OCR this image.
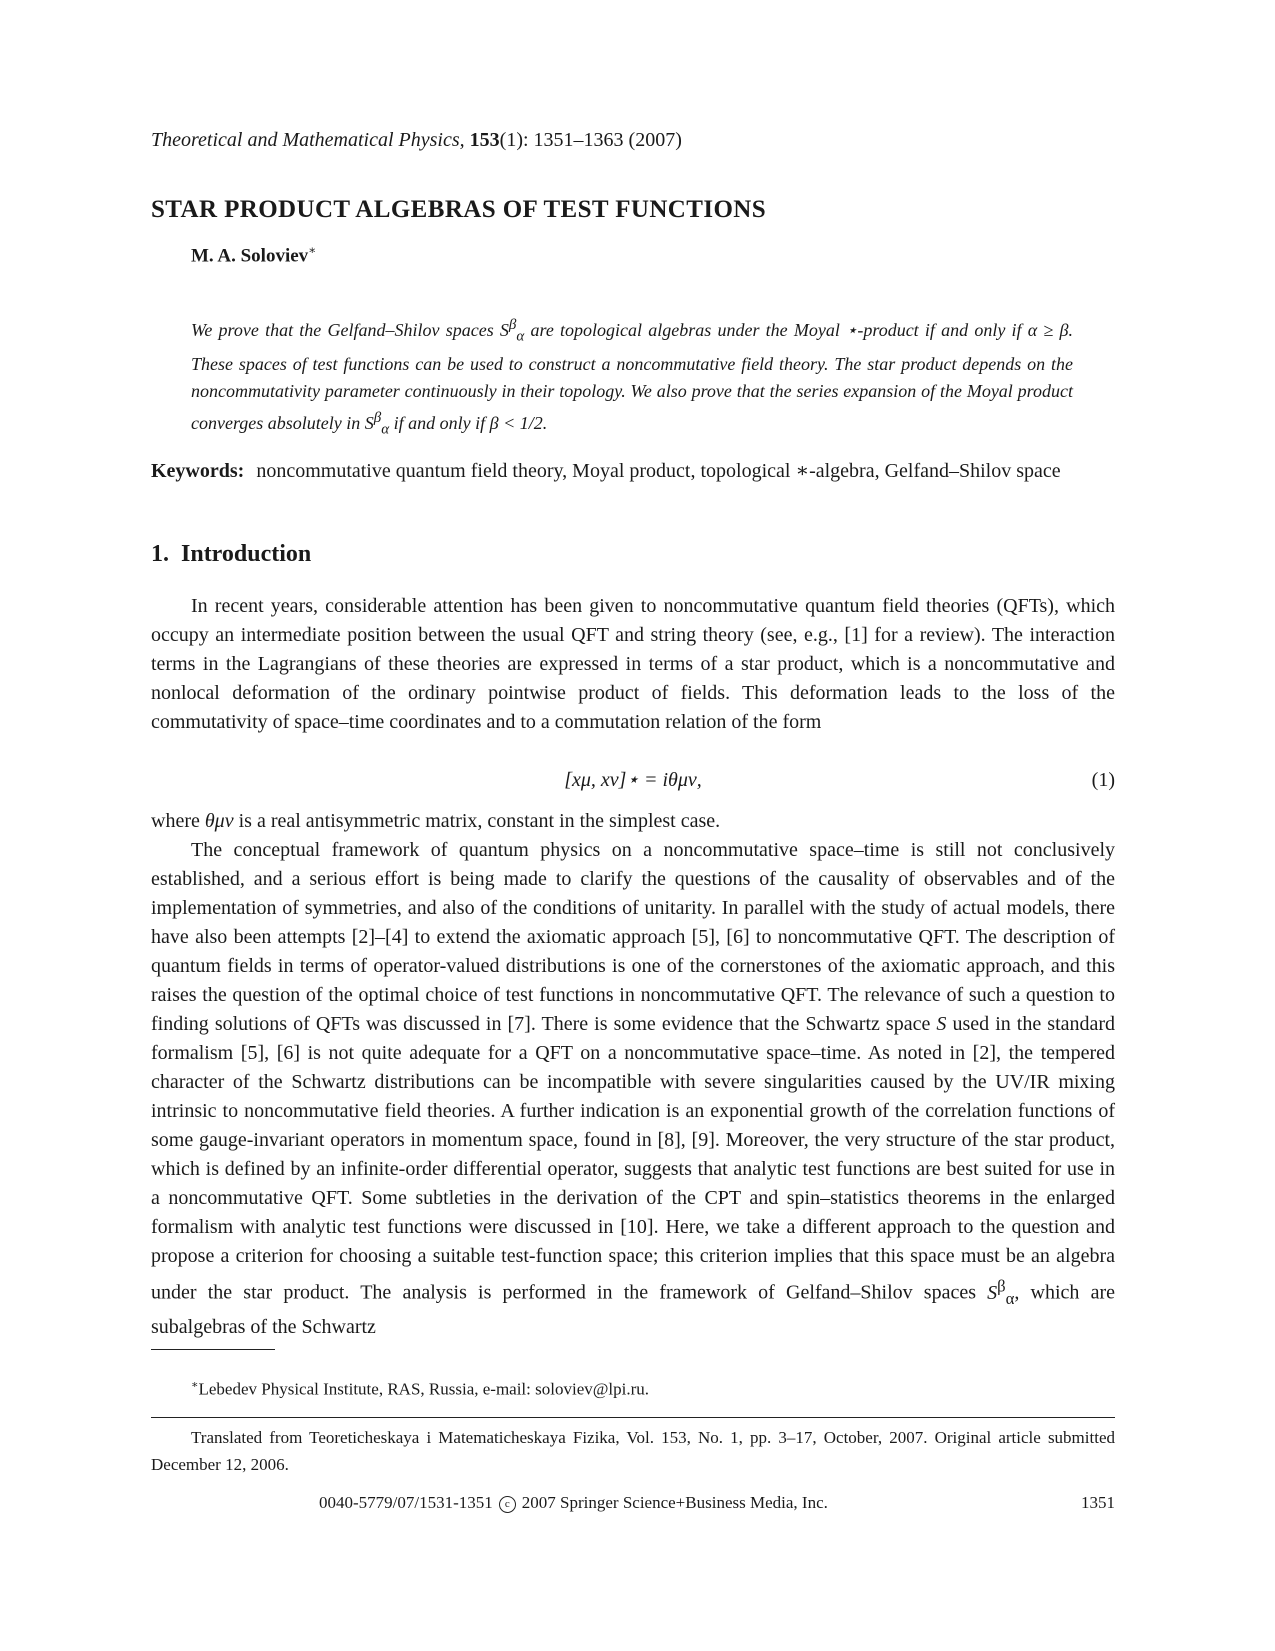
Theoretical and Mathematical Physics, 153(1): 1351–1363 (2007)
STAR PRODUCT ALGEBRAS OF TEST FUNCTIONS
M. A. Soloviev∗

We prove that the Gelfand–Shilov spaces $S^\beta_\alpha$ are topological algebras under the Moyal ⋆-product if and only if α ≥ β. These spaces of test functions can be used to construct a noncommutative field theory. The star product depends on the noncommutativity parameter continuously in their topology. We also prove that the series expansion of the Moyal product converges absolutely in $S^\beta_\alpha$ if and only if β < 1/2.

Keywords: noncommutative quantum field theory, Moyal product, topological ∗-algebra, Gelfand–Shilov space

1. Introduction

In recent years, considerable attention has been given to noncommutative quantum field theories (QFTs), which occupy an intermediate position between the usual QFT and string theory (see, e.g., [1] for a review). The interaction terms in the Lagrangians of these theories are expressed in terms of a star product, which is a noncommutative and nonlocal deformation of the ordinary pointwise product of fields. This deformation leads to the loss of the commutativity of space–time coordinates and to a commutation relation of the form

[xμ, xν]⋆ = iθμν,	(1)

where θμν is a real antisymmetric matrix, constant in the simplest case.

The conceptual framework of quantum physics on a noncommutative space–time is still not conclusively established, and a serious effort is being made to clarify the questions of the causality of observables and of the implementation of symmetries, and also of the conditions of unitarity. In parallel with the study of actual models, there have also been attempts [2]–[4] to extend the axiomatic approach [5], [6] to noncommutative QFT. The description of quantum fields in terms of operator-valued distributions is one of the cornerstones of the axiomatic approach, and this raises the question of the optimal choice of test functions in noncommutative QFT. The relevance of such a question to finding solutions of QFTs was discussed in [7]. There is some evidence that the Schwartz space S used in the standard formalism [5], [6] is not quite adequate for a QFT on a noncommutative space–time. As noted in [2], the tempered character of the Schwartz distributions can be incompatible with severe singularities caused by the UV/IR mixing intrinsic to noncommutative field theories. A further indication is an exponential growth of the correlation functions of some gauge-invariant operators in momentum space, found in [8], [9]. Moreover, the very structure of the star product, which is defined by an infinite-order differential operator, suggests that analytic test functions are best suited for use in a noncommutative QFT. Some subtleties in the derivation of the CPT and spin–statistics theorems in the enlarged formalism with analytic test functions were discussed in [10]. Here, we take a different approach to the question and propose a criterion for choosing a suitable test-function space; this criterion implies that this space must be an algebra under the star product. The analysis is performed in the framework of Gelfand–Shilov spaces $S^\beta_\alpha$, which are subalgebras of the Schwartz

∗Lebedev Physical Institute, RAS, Russia, e-mail: soloviev@lpi.ru.

Translated from Teoreticheskaya i Matematicheskaya Fizika, Vol. 153, No. 1, pp. 3–17, October, 2007. Original article submitted December 12, 2006.

0040-5779/07/1531-1351 c 2007 Springer Science+Business Media, Inc.	1351
